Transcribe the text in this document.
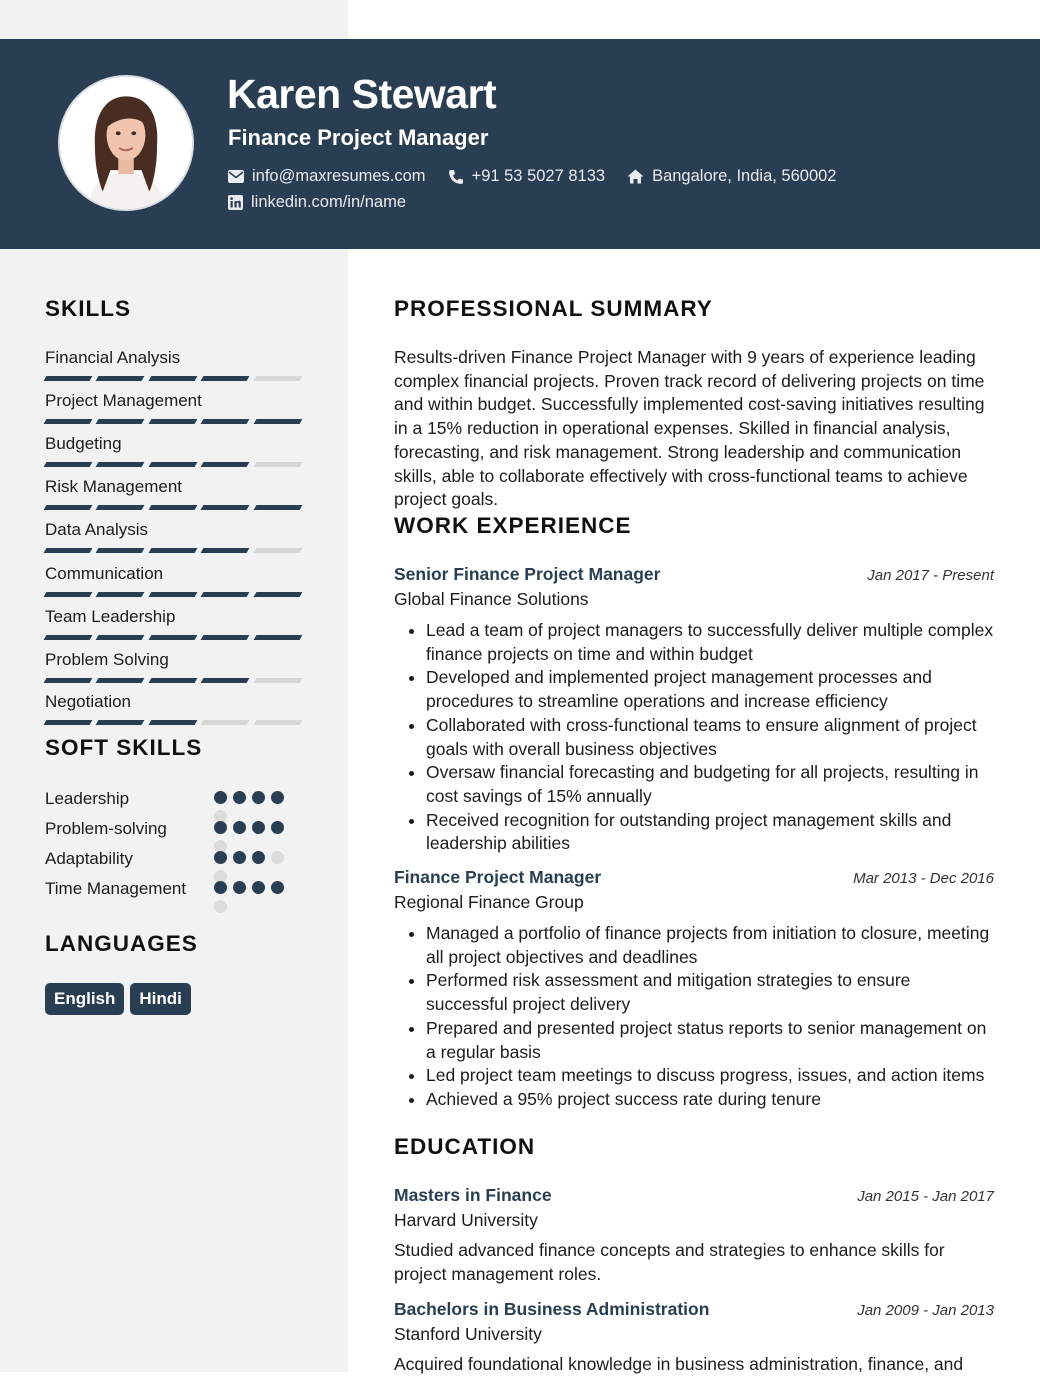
Karen Stewart
Finance Project Manager
info@maxresumes.com	+91 53 5027 8133	Bangalore, India, 560002
linkedin.com/in/name
SKILLS
Financial Analysis
Project Management
Budgeting
Risk Management
Data Analysis
Communication
Team Leadership
Problem Solving
Negotiation
SOFT SKILLS
Leadership
Problem-solving
Adaptability
Time Management
LANGUAGES
English	Hindi
PROFESSIONAL SUMMARY

Results-driven Finance Project Manager with 9 years of experience leading complex financial projects. Proven track record of delivering projects on time and within budget. Successfully implemented cost-saving initiatives resulting in a 15% reduction in operational expenses. Skilled in financial analysis, forecasting, and risk management. Strong leadership and communication skills, able to collaborate effectively with cross-functional teams to achieve project goals.

WORK EXPERIENCE
Senior Finance Project Manager	Jan 2017 - Present
Global Finance Solutions
• Lead a team of project managers to successfully deliver multiple complex finance projects on time and within budget
• Developed and implemented project management processes and procedures to streamline operations and increase efficiency
• Collaborated with cross-functional teams to ensure alignment of project goals with overall business objectives
• Oversaw financial forecasting and budgeting for all projects, resulting in cost savings of 15% annually
• Received recognition for outstanding project management skills and leadership abilities
Finance Project Manager	Mar 2013 - Dec 2016
Regional Finance Group
• Managed a portfolio of finance projects from initiation to closure, meeting all project objectives and deadlines
• Performed risk assessment and mitigation strategies to ensure successful project delivery
• Prepared and presented project status reports to senior management on a regular basis
• Led project team meetings to discuss progress, issues, and action items
• Achieved a 95% project success rate during tenure
EDUCATION
Masters in Finance	Jan 2015 - Jan 2017
Harvard University
Studied advanced finance concepts and strategies to enhance skills for project management roles.
Bachelors in Business Administration	Jan 2009 - Jan 2013
Stanford University
Acquired foundational knowledge in business administration, finance, and
